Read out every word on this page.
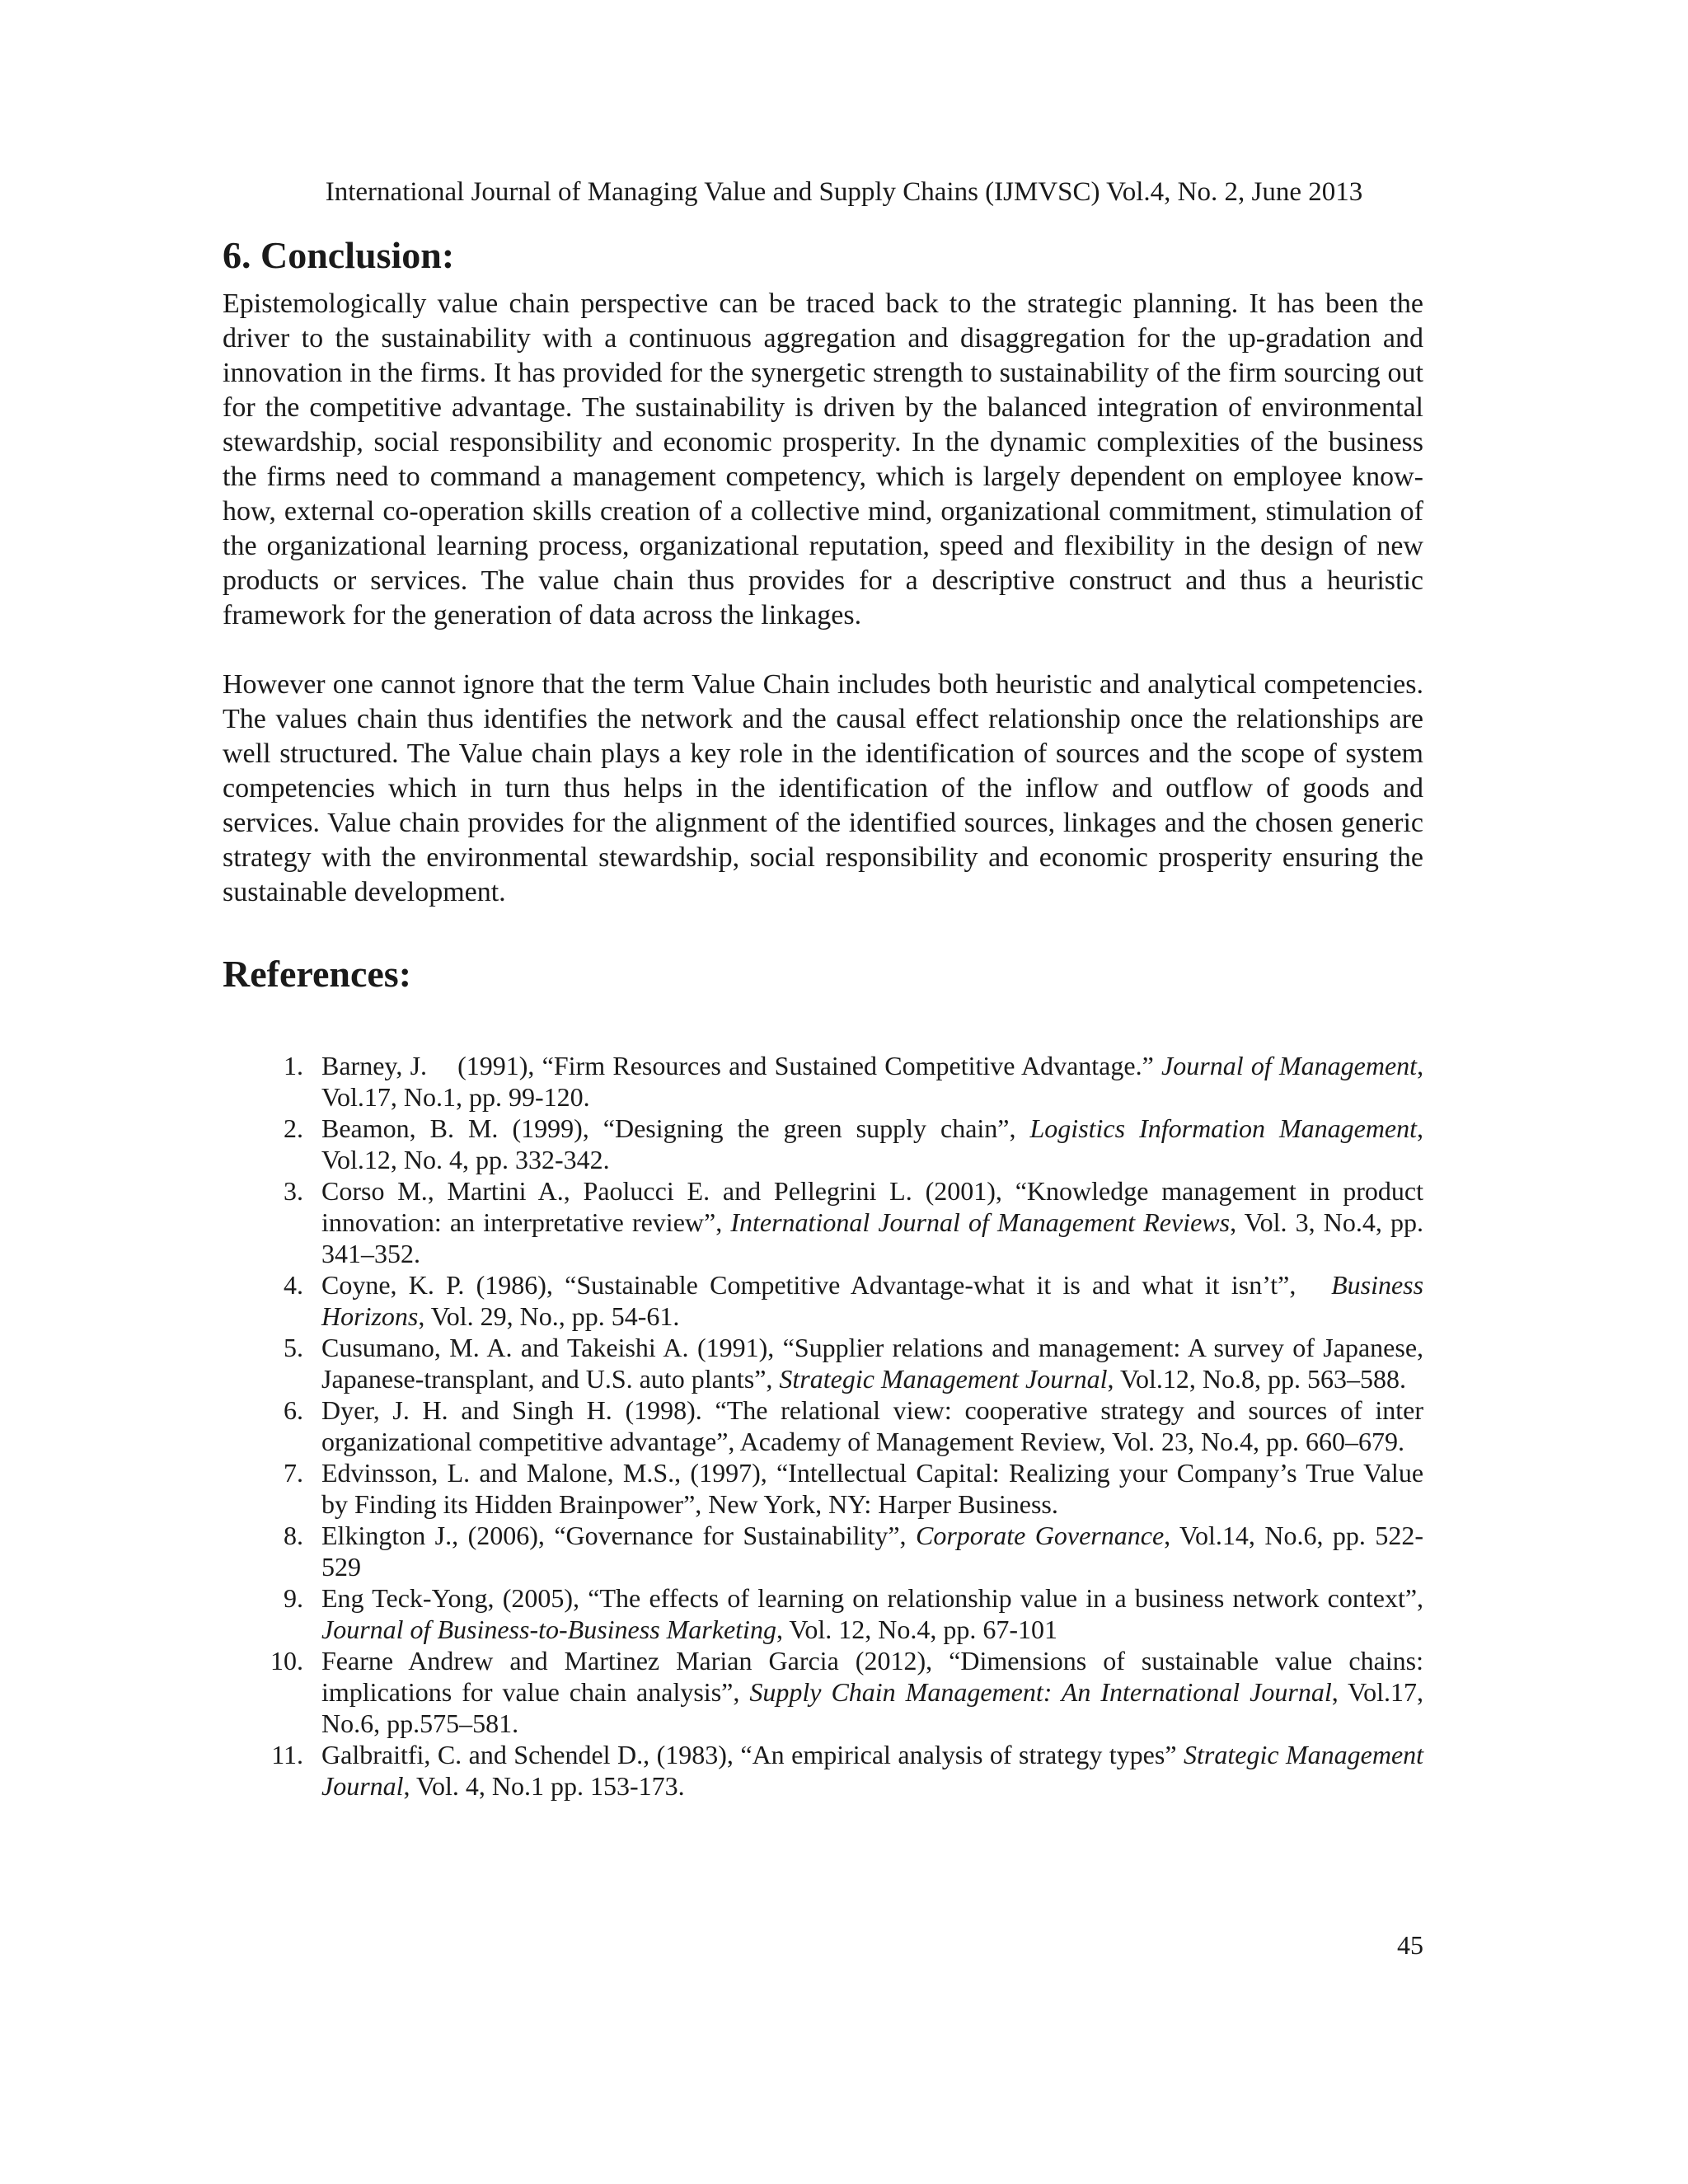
International Journal of Managing Value and Supply Chains (IJMVSC) Vol.4, No. 2, June 2013

6. Conclusion:

Epistemologically value chain perspective can be traced back to the strategic planning. It has been the driver to the sustainability with a continuous aggregation and disaggregation for the up-gradation and innovation in the firms. It has provided for the synergetic strength to sustainability of the firm sourcing out for the competitive advantage. The sustainability is driven by the balanced integration of environmental stewardship, social responsibility and economic prosperity. In the dynamic complexities of the business the firms need to command a management competency, which is largely dependent on employee know-how, external co-operation skills creation of a collective mind, organizational commitment, stimulation of the organizational learning process, organizational reputation, speed and flexibility in the design of new products or services. The value chain thus provides for a descriptive construct and thus a heuristic framework for the generation of data across the linkages.

However one cannot ignore that the term Value Chain includes both heuristic and analytical competencies. The values chain thus identifies the network and the causal effect relationship once the relationships are well structured. The Value chain plays a key role in the identification of sources and the scope of system competencies which in turn thus helps in the identification of the inflow and outflow of goods and services. Value chain provides for the alignment of the identified sources, linkages and the chosen generic strategy with the environmental stewardship, social responsibility and economic prosperity ensuring the sustainable development.

References:
1. Barney, J. (1991), “Firm Resources and Sustained Competitive Advantage.” Journal of Management, Vol.17, No.1, pp. 99-120.
2. Beamon, B. M. (1999), “Designing the green supply chain”, Logistics Information Management, Vol.12, No. 4, pp. 332-342.
3. Corso M., Martini A., Paolucci E. and Pellegrini L. (2001), “Knowledge management in product innovation: an interpretative review”, International Journal of Management Reviews, Vol. 3, No.4, pp. 341–352.
4. Coyne, K. P. (1986), “Sustainable Competitive Advantage-what it is and what it isn’t”, Business Horizons, Vol. 29, No., pp. 54-61.
5. Cusumano, M. A. and Takeishi A. (1991), “Supplier relations and management: A survey of Japanese, Japanese-transplant, and U.S. auto plants”, Strategic Management Journal, Vol.12, No.8, pp. 563–588.
6. Dyer, J. H. and Singh H. (1998). “The relational view: cooperative strategy and sources of inter organizational competitive advantage”, Academy of Management Review, Vol. 23, No.4, pp. 660–679.
7. Edvinsson, L. and Malone, M.S., (1997), “Intellectual Capital: Realizing your Company’s True Value by Finding its Hidden Brainpower”, New York, NY: Harper Business.
8. Elkington J., (2006), “Governance for Sustainability”, Corporate Governance, Vol.14, No.6, pp. 522-529
9. Eng Teck-Yong, (2005), “The effects of learning on relationship value in a business network context”, Journal of Business-to-Business Marketing, Vol. 12, No.4, pp. 67-101
10. Fearne Andrew and Martinez Marian Garcia (2012), “Dimensions of sustainable value chains: implications for value chain analysis”, Supply Chain Management: An International Journal, Vol.17, No.6, pp.575–581.
11. Galbraitfi, C. and Schendel D., (1983), “An empirical analysis of strategy types” Strategic Management Journal, Vol. 4, No.1 pp. 153-173.

45
